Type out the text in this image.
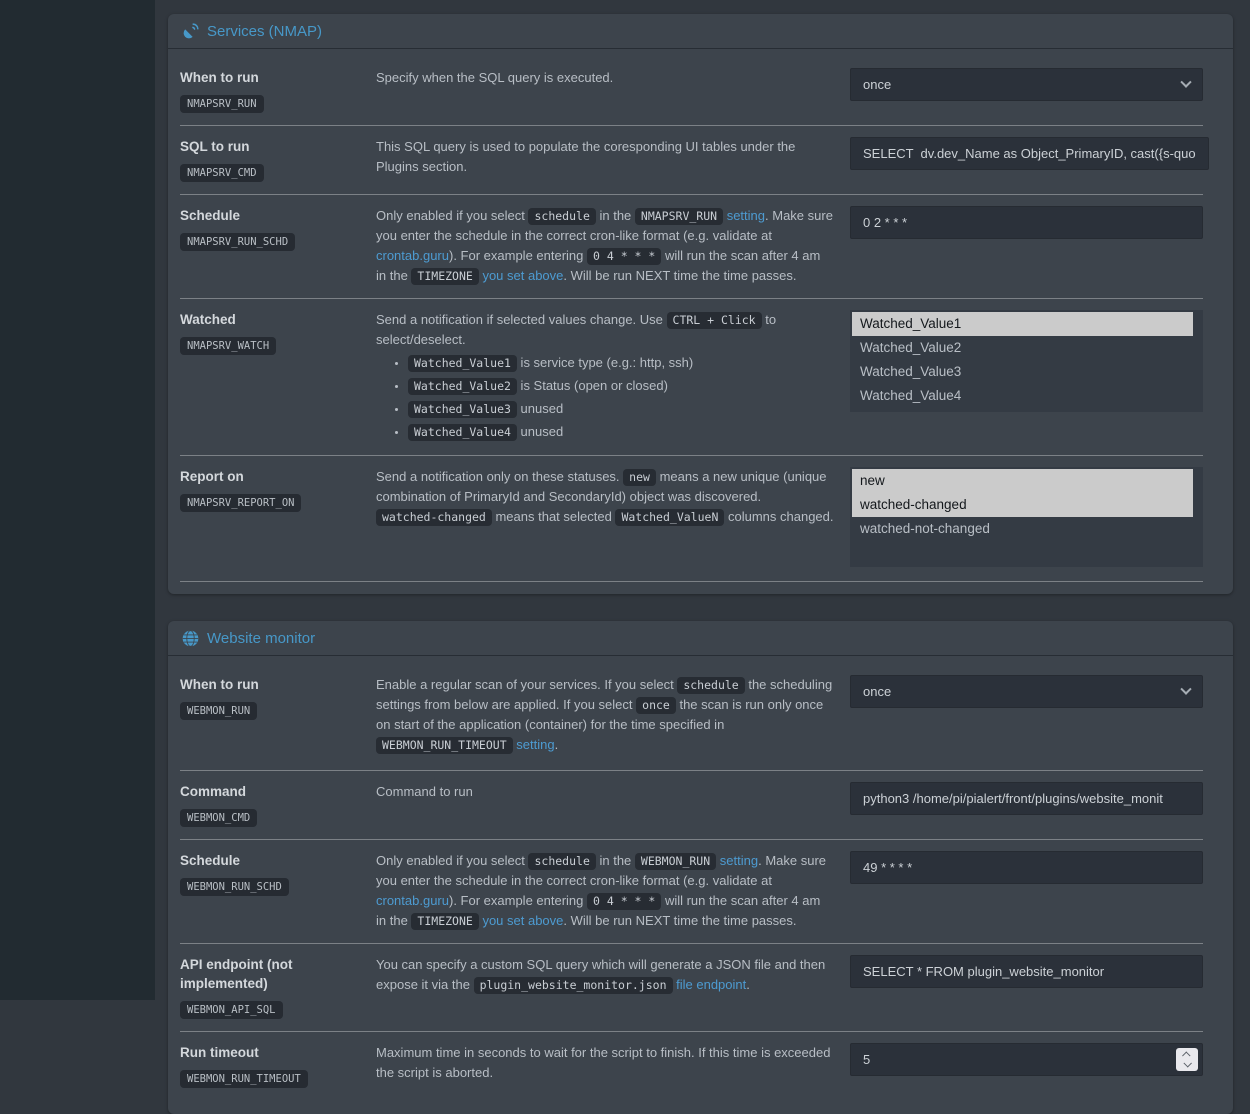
Services (NMAP)
When to run
NMAPSRV_RUN
Specify when the SQL query is executed.	once
SQL to run
NMAPSRV_CMD
This SQL query is used to populate the coresponding UI tables under the Plugins section.
SELECT  dv.dev_Name as Object_PrimaryID, cast({s-quo
Schedule
NMAPSRV_RUN_SCHD
Only enabled if you select schedule in the NMAPSRV_RUN setting. Make sure you enter the schedule in the correct cron-like format (e.g. validate at crontab.guru). For example entering 0 4 * * * will run the scan after 4 am in the TIMEZONE you set above. Will be run NEXT time the time passes.
0 2 * * *
Watched
NMAPSRV_WATCH
Send a notification if selected values change. Use CTRL + Click to select/deselect.
• Watched_Value1 is service type (e.g.: http, ssh)
• Watched_Value2 is Status (open or closed)
• Watched_Value3 unused
• Watched_Value4 unused
Watched_Value1
Watched_Value2
Watched_Value3
Watched_Value4
Report on
NMAPSRV_REPORT_ON
Send a notification only on these statuses. new means a new unique (unique combination of PrimaryId and SecondaryId) object was discovered. watched-changed means that selected Watched_ValueN columns changed.
new
watched-changed
watched-not-changed
Website monitor
When to run
WEBMON_RUN
Enable a regular scan of your services. If you select schedule the scheduling settings from below are applied. If you select once the scan is run only once on start of the application (container) for the time specified in WEBMON_RUN_TIMEOUT setting.
once
Command
WEBMON_CMD
Command to run	python3 /home/pi/pialert/front/plugins/website_monit
Schedule
WEBMON_RUN_SCHD
Only enabled if you select schedule in the WEBMON_RUN setting. Make sure you enter the schedule in the correct cron-like format (e.g. validate at crontab.guru). For example entering 0 4 * * * will run the scan after 4 am in the TIMEZONE you set above. Will be run NEXT time the time passes.
49 * * * *
API endpoint (not implemented)
WEBMON_API_SQL
You can specify a custom SQL query which will generate a JSON file and then expose it via the plugin_website_monitor.json file endpoint.
SELECT * FROM plugin_website_monitor
Run timeout
WEBMON_RUN_TIMEOUT
Maximum time in seconds to wait for the script to finish. If this time is exceeded the script is aborted.
5
